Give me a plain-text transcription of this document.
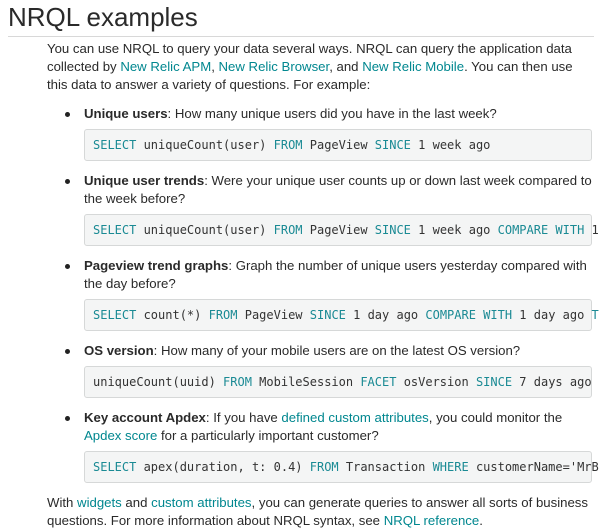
NRQL examples

You can use NRQL to query your data several ways. NRQL can query the application data collected by New Relic APM, New Relic Browser, and New Relic Mobile. You can then use this data to answer a variety of questions. For example:

Unique users: How many unique users did you have in the last week?
SELECT uniqueCount(user) FROM PageView SINCE 1 week ago
Unique user trends: Were your unique user counts up or down last week compared to the week before?
SELECT uniqueCount(user) FROM PageView SINCE 1 week ago COMPARE WITH 1
Pageview trend graphs: Graph the number of unique users yesterday compared with the day before?
SELECT count(*) FROM PageView SINCE 1 day ago COMPARE WITH 1 day ago T
OS version: How many of your mobile users are on the latest OS version?
uniqueCount(uuid) FROM MobileSession FACET osVersion SINCE 7 days ago
Key account Apdex: If you have defined custom attributes, you could monitor the Apdex score for a particularly important customer?
SELECT apex(duration, t: 0.4) FROM Transaction WHERE customerName='MrB

With widgets and custom attributes, you can generate queries to answer all sorts of business questions. For more information about NRQL syntax, see NRQL reference.
